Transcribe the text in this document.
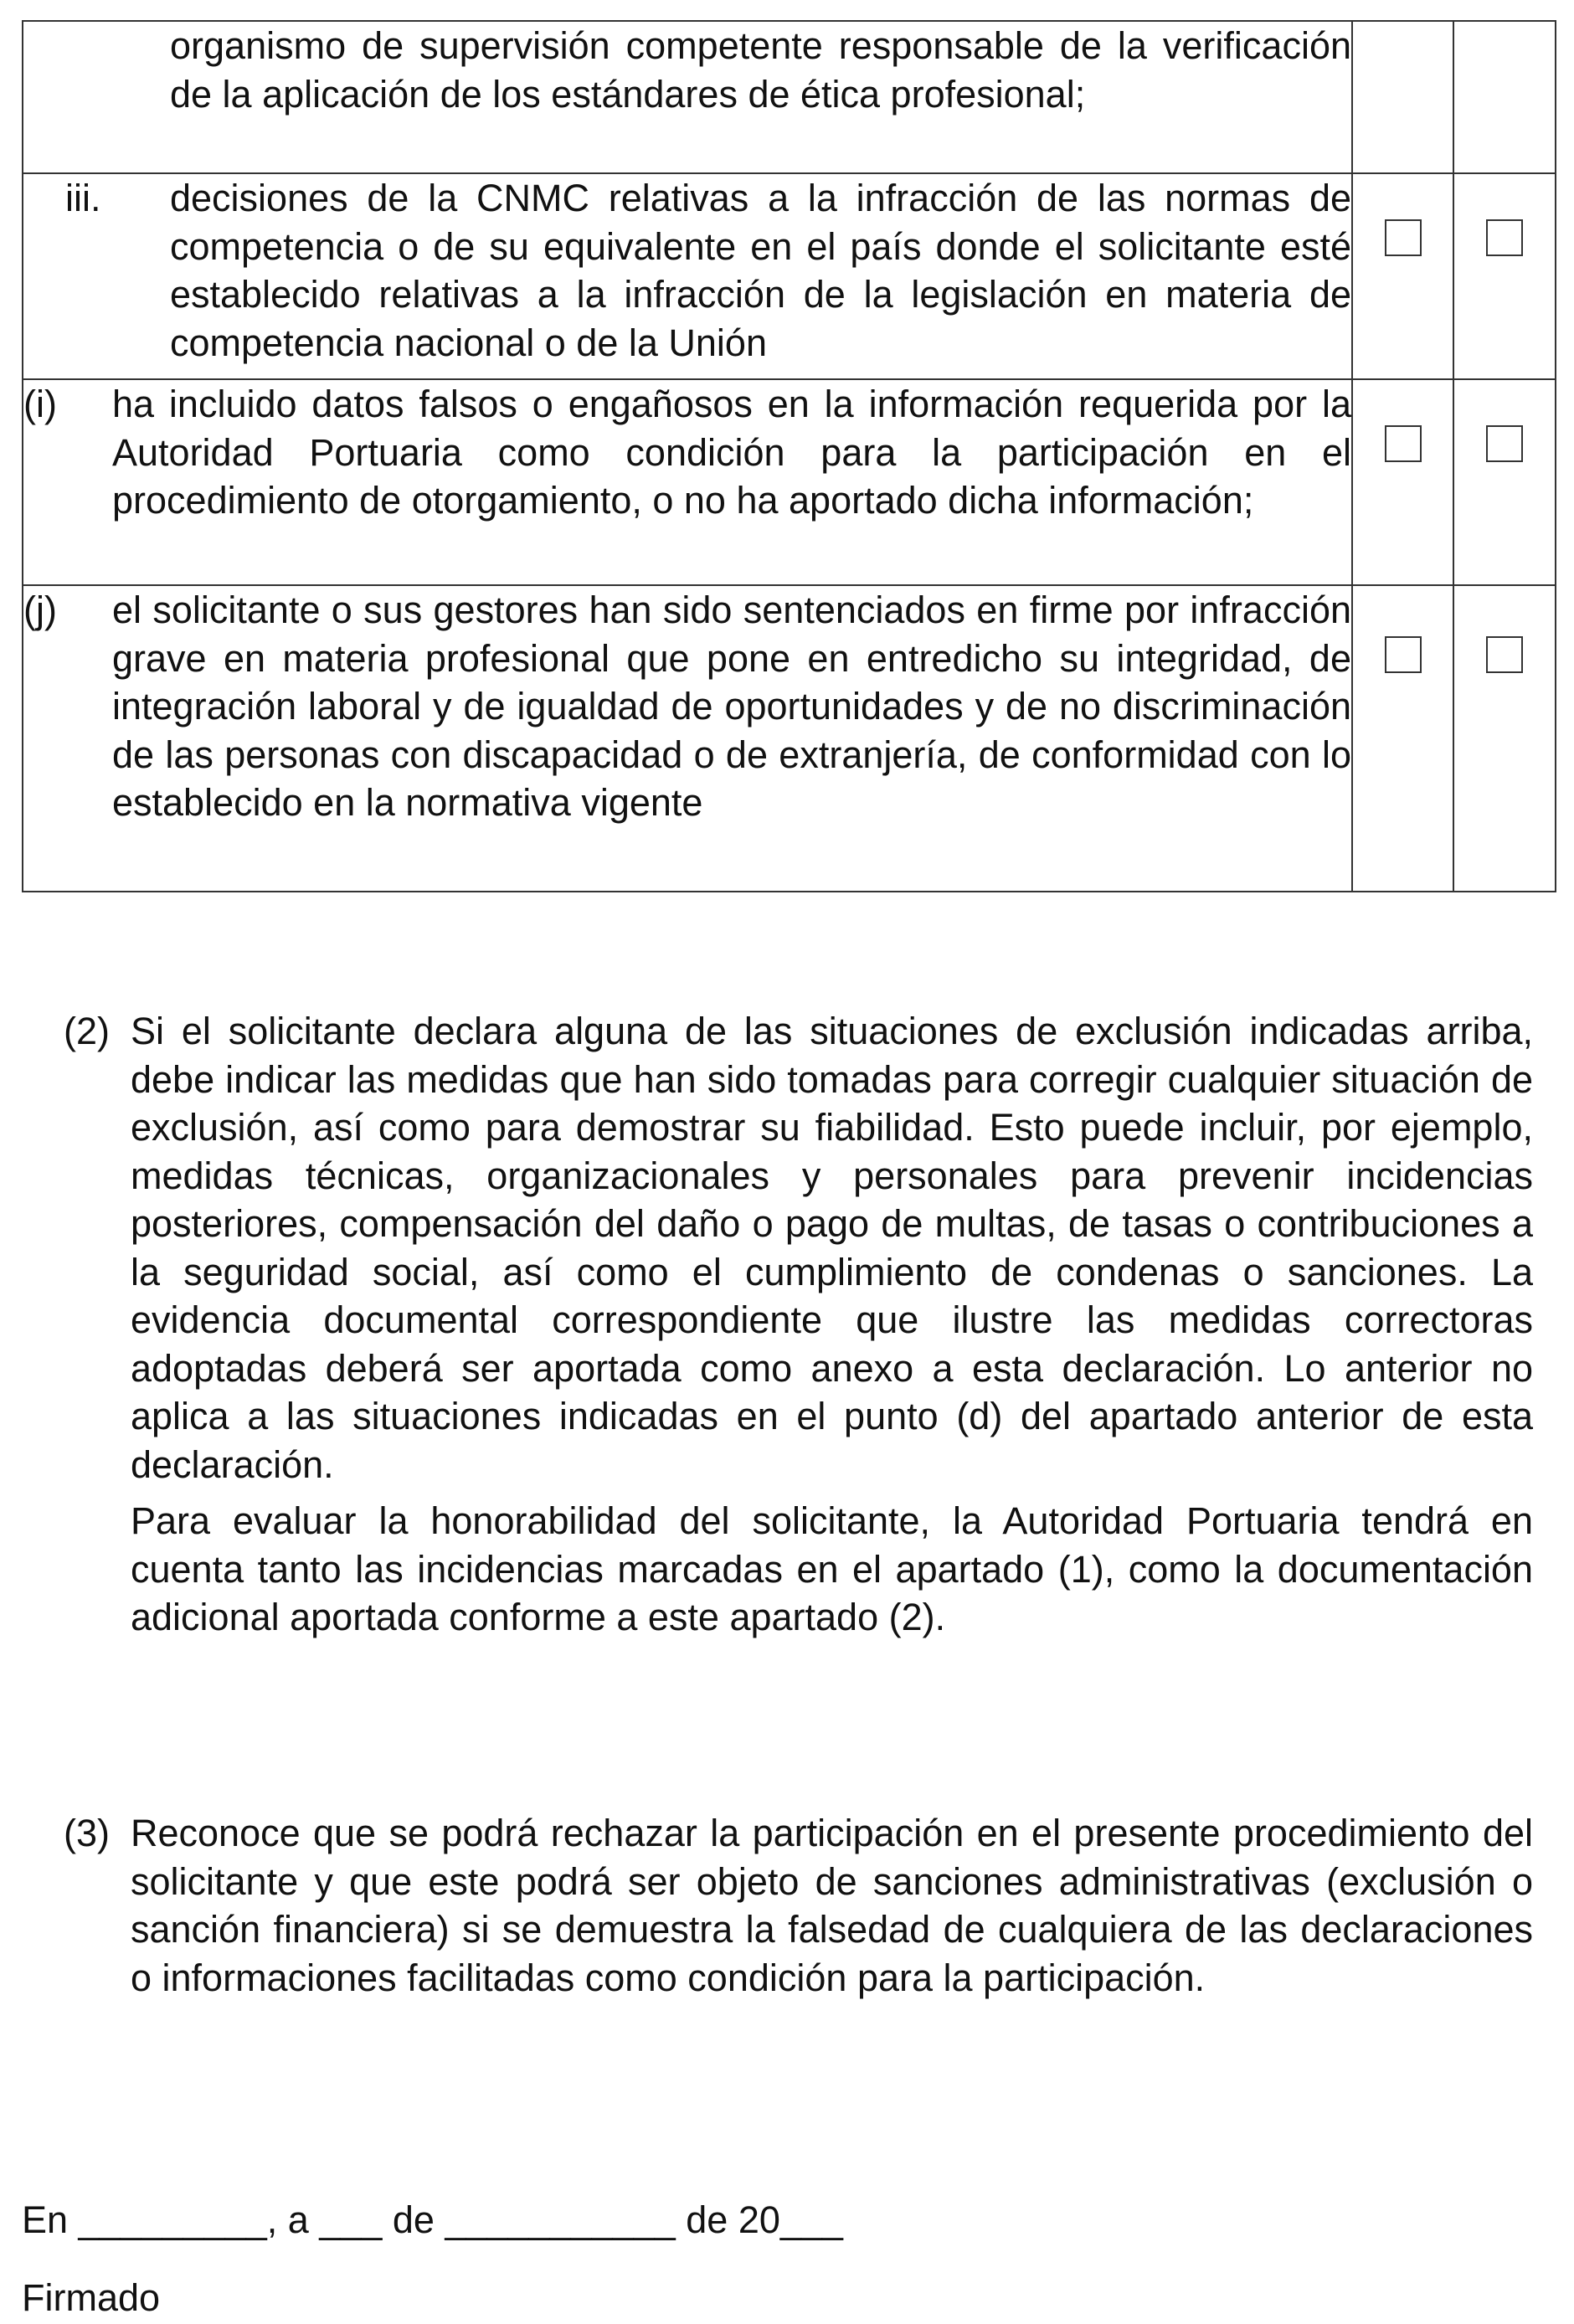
organismo de supervisión competente responsable de la verificación de la aplicación de los estándares de ética profesional;		

iii. decisiones de la CNMC relativas a la infracción de las normas de competencia o de su equivalente en el país donde el solicitante esté establecido relativas a la infracción de la legislación en materia de competencia nacional o de la Unión		

(i) ha incluido datos falsos o engañosos en la información requerida por la Autoridad Portuaria como condición para la participación en el procedimiento de otorgamiento, o no ha aportado dicha información;		

(j) el solicitante o sus gestores han sido sentenciados en firme por infracción grave en materia profesional que pone en entredicho su integridad, de integración laboral y de igualdad de oportunidades y de no discriminación de las personas con discapacidad o de extranjería, de conformidad con lo establecido en la normativa vigente		

(2) Si el solicitante declara alguna de las situaciones de exclusión indicadas arriba, debe indicar las medidas que han sido tomadas para corregir cualquier situación de exclusión, así como para demostrar su fiabilidad. Esto puede incluir, por ejemplo, medidas técnicas, organizacionales y personales para prevenir incidencias posteriores, compensación del daño o pago de multas, de tasas o contribuciones a la seguridad social, así como el cumplimiento de condenas o sanciones. La evidencia documental correspondiente que ilustre las medidas correctoras adoptadas deberá ser aportada como anexo a esta declaración. Lo anterior no aplica a las situaciones indicadas en el punto (d) del apartado anterior de esta declaración.

Para evaluar la honorabilidad del solicitante, la Autoridad Portuaria tendrá en cuenta tanto las incidencias marcadas en el apartado (1), como la documentación adicional aportada conforme a este apartado (2).

(3) Reconoce que se podrá rechazar la participación en el presente procedimiento del solicitante y que este podrá ser objeto de sanciones administrativas (exclusión o sanción financiera) si se demuestra la falsedad de cualquiera de las declaraciones o informaciones facilitadas como condición para la participación.

En _________, a ___ de ___________ de 20___
Firmado
